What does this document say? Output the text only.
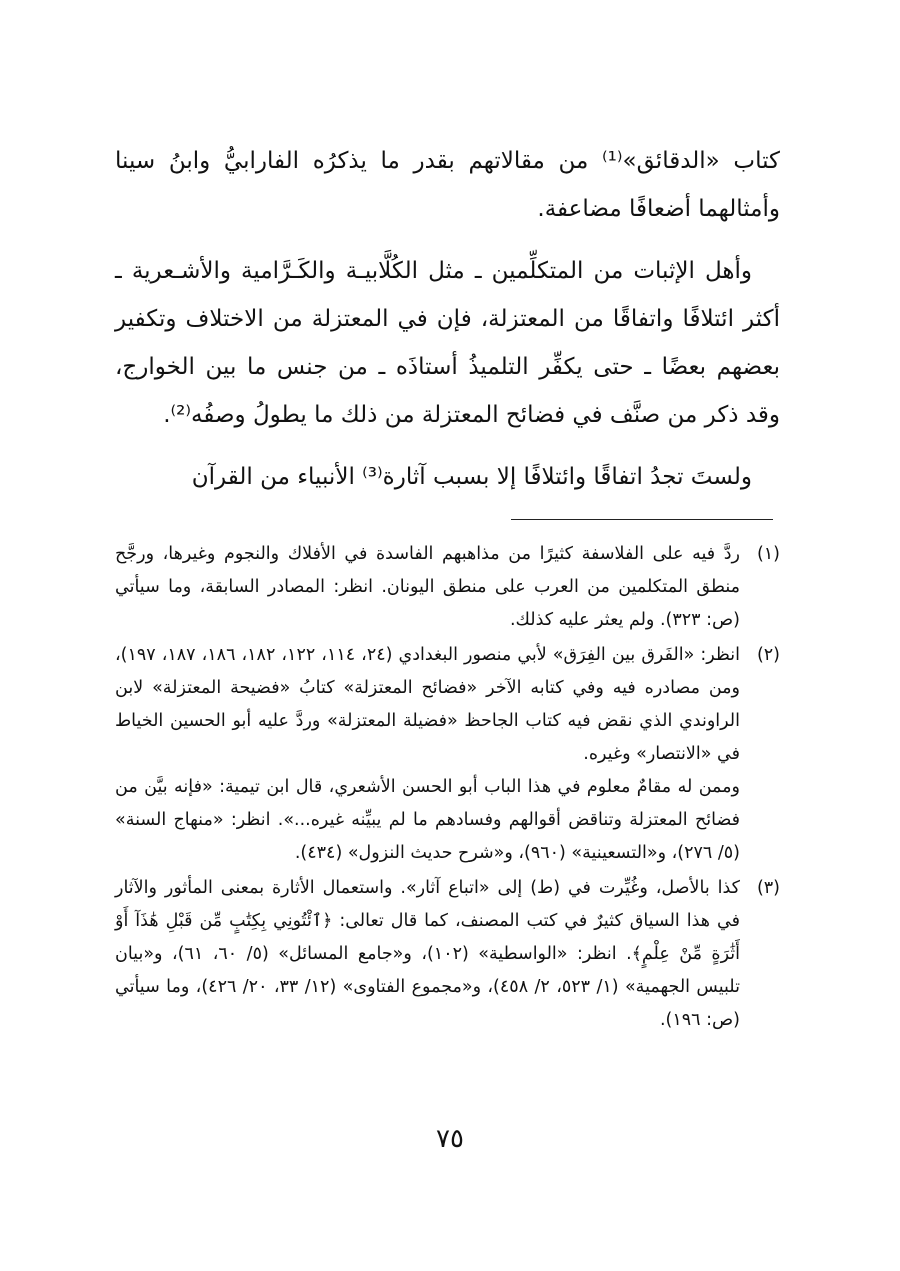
كتاب «الدقائق»⁽¹⁾ من مقالاتهم بقدر ما يذكرُه الفارابيُّ وابنُ سينا وأمثالهما أضعافًا مضاعفة.

وأهل الإثبات من المتكلِّمين ـ مثل الكُلَّابيـة والكَـرَّامية والأشـعرية ـ أكثر ائتلافًا واتفاقًا من المعتزلة، فإن في المعتزلة من الاختلاف وتكفير بعضهم بعضًا ـ حتى يكفِّر التلميذُ أستاذَه ـ من جنس ما بين الخوارج، وقد ذكر من صنَّف في فضائح المعتزلة من ذلك ما يطولُ وصفُه⁽²⁾.

ولستَ تجدُ اتفاقًا وائتلافًا إلا بسبب آثارة⁽³⁾ الأنبياء من القرآن

(١)

ردَّ فيه على الفلاسفة كثيرًا من مذاهبهم الفاسدة في الأفلاك والنجوم وغيرها، ورجَّح منطق المتكلمين من العرب على منطق اليونان. انظر: المصادر السابقة، وما سيأتي (ص: ٣٢٣). ولم يعثر عليه كذلك.

(٢)

انظر: «الفَرق بين الفِرَق» لأبي منصور البغدادي (٢٤، ١١٤، ١٢٢، ١٨٢، ١٨٦، ١٨٧، ١٩٧)، ومن مصادره فيه وفي كتابه الآخر «فضائح المعتزلة» كتابُ «فضيحة المعتزلة» لابن الراوندي الذي نقض فيه كتاب الجاحظ «فضيلة المعتزلة» وردَّ عليه أبو الحسين الخياط في «الانتصار» وغيره.

وممن له مقامٌ معلوم في هذا الباب أبو الحسن الأشعري، قال ابن تيمية: «فإنه بيَّن من فضائح المعتزلة وتناقض أقوالهم وفسادهم ما لم يبيِّنه غيره...». انظر: «منهاج السنة» (٥/ ٢٧٦)، و«التسعينية» (٩٦٠)، و«شرح حديث النزول» (٤٣٤).

(٣)

كذا بالأصل، وغُيِّرت في (ط) إلى «اتباع آثار». واستعمال الأثارة بمعنى المأثور والآثار في هذا السياق كثيرٌ في كتب المصنف، كما قال تعالى: ﴿ٱئْتُونِي بِكِتَٰبٍ مِّن قَبْلِ هَٰذَآ أَوْ أَثَٰرَةٍ مِّنْ عِلْمٍ﴾. انظر: «الواسطية» (١٠٢)، و«جامع المسائل» (٥/ ٦٠، ٦١)، و«بيان تلبيس الجهمية» (١/ ٥٢٣، ٢/ ٤٥٨)، و«مجموع الفتاوى» (١٢/ ٣٣، ٢٠/ ٤٢٦)، وما سيأتي (ص: ١٩٦).

٧٥
